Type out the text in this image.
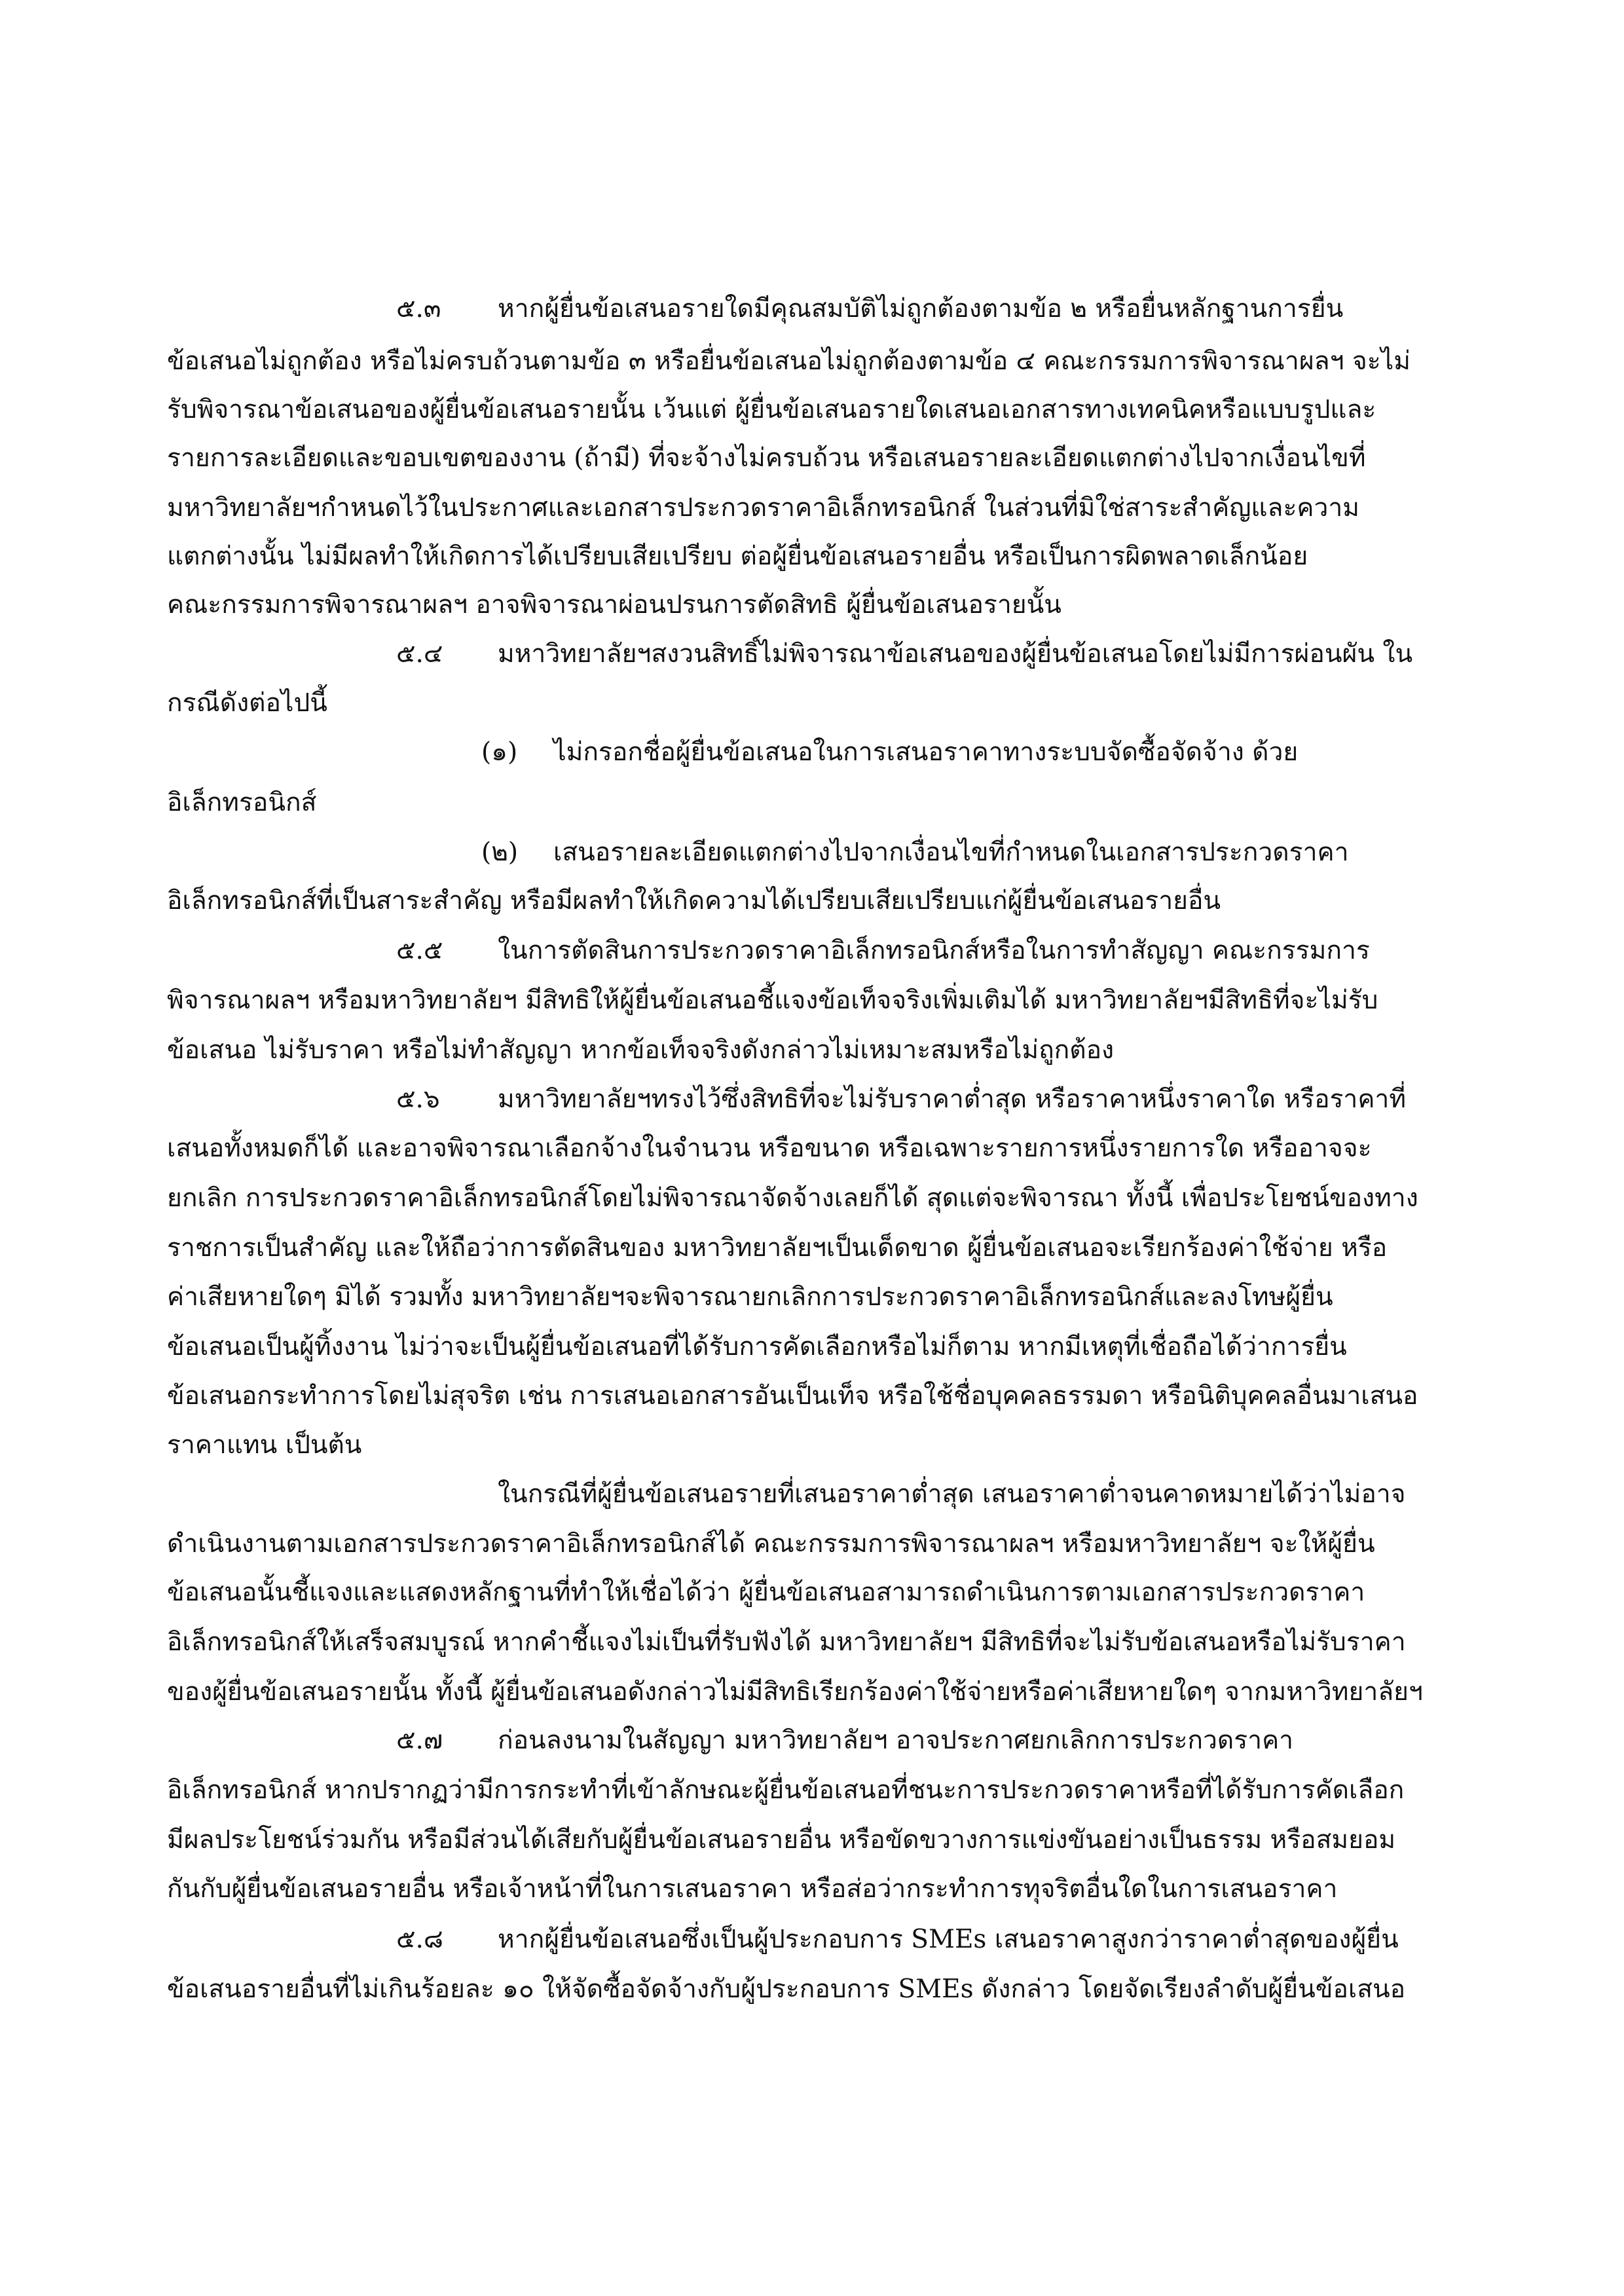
๕.๓ หากผู้ยื่นข้อเสนอรายใดมีคุณสมบัติไม่ถูกต้องตามข้อ ๒ หรือยื่นหลักฐานการยื่น
ข้อเสนอไม่ถูกต้อง หรือไม่ครบถ้วนตามข้อ ๓ หรือยื่นข้อเสนอไม่ถูกต้องตามข้อ ๔ คณะกรรมการพิจารณาผลฯ จะไม่
รับพิจารณาข้อเสนอของผู้ยื่นข้อเสนอรายนั้น เว้นแต่ ผู้ยื่นข้อเสนอรายใดเสนอเอกสารทางเทคนิคหรือแบบรูปและ
รายการละเอียดและขอบเขตของงาน (ถ้ามี) ที่จะจ้างไม่ครบถ้วน หรือเสนอรายละเอียดแตกต่างไปจากเงื่อนไขที่
มหาวิทยาลัยฯกำหนดไว้ในประกาศและเอกสารประกวดราคาอิเล็กทรอนิกส์ ในส่วนที่มิใช่สาระสำคัญและความ
แตกต่างนั้น ไม่มีผลทำให้เกิดการได้เปรียบเสียเปรียบ ต่อผู้ยื่นข้อเสนอรายอื่น หรือเป็นการผิดพลาดเล็กน้อย
คณะกรรมการพิจารณาผลฯ อาจพิจารณาผ่อนปรนการตัดสิทธิ ผู้ยื่นข้อเสนอรายนั้น
๕.๔ มหาวิทยาลัยฯสงวนสิทธิ์ไม่พิจารณาข้อเสนอของผู้ยื่นข้อเสนอโดยไม่มีการผ่อนผัน ใน
กรณีดังต่อไปนี้
(๑) ไม่กรอกชื่อผู้ยื่นข้อเสนอในการเสนอราคาทางระบบจัดซื้อจัดจ้าง ด้วย
อิเล็กทรอนิกส์
(๒) เสนอรายละเอียดแตกต่างไปจากเงื่อนไขที่กำหนดในเอกสารประกวดราคา
อิเล็กทรอนิกส์ที่เป็นสาระสำคัญ หรือมีผลทำให้เกิดความได้เปรียบเสียเปรียบแก่ผู้ยื่นข้อเสนอรายอื่น
๕.๕ ในการตัดสินการประกวดราคาอิเล็กทรอนิกส์หรือในการทำสัญญา คณะกรรมการ
พิจารณาผลฯ หรือมหาวิทยาลัยฯ มีสิทธิให้ผู้ยื่นข้อเสนอชี้แจงข้อเท็จจริงเพิ่มเติมได้ มหาวิทยาลัยฯมีสิทธิที่จะไม่รับ
ข้อเสนอ ไม่รับราคา หรือไม่ทำสัญญา หากข้อเท็จจริงดังกล่าวไม่เหมาะสมหรือไม่ถูกต้อง
๕.๖ มหาวิทยาลัยฯทรงไว้ซึ่งสิทธิที่จะไม่รับราคาต่ำสุด หรือราคาหนึ่งราคาใด หรือราคาที่
เสนอทั้งหมดก็ได้ และอาจพิจารณาเลือกจ้างในจำนวน หรือขนาด หรือเฉพาะรายการหนึ่งรายการใด หรืออาจจะ
ยกเลิก การประกวดราคาอิเล็กทรอนิกส์โดยไม่พิจารณาจัดจ้างเลยก็ได้ สุดแต่จะพิจารณา ทั้งนี้ เพื่อประโยชน์ของทาง
ราชการเป็นสำคัญ และให้ถือว่าการตัดสินของ มหาวิทยาลัยฯเป็นเด็ดขาด ผู้ยื่นข้อเสนอจะเรียกร้องค่าใช้จ่าย หรือ
ค่าเสียหายใดๆ มิได้ รวมทั้ง มหาวิทยาลัยฯจะพิจารณายกเลิกการประกวดราคาอิเล็กทรอนิกส์และลงโทษผู้ยื่น
ข้อเสนอเป็นผู้ทิ้งงาน ไม่ว่าจะเป็นผู้ยื่นข้อเสนอที่ได้รับการคัดเลือกหรือไม่ก็ตาม หากมีเหตุที่เชื่อถือได้ว่าการยื่น
ข้อเสนอกระทำการโดยไม่สุจริต เช่น การเสนอเอกสารอันเป็นเท็จ หรือใช้ชื่อบุคคลธรรมดา หรือนิติบุคคลอื่นมาเสนอ
ราคาแทน เป็นต้น
ในกรณีที่ผู้ยื่นข้อเสนอรายที่เสนอราคาต่ำสุด เสนอราคาต่ำจนคาดหมายได้ว่าไม่อาจ
ดำเนินงานตามเอกสารประกวดราคาอิเล็กทรอนิกส์ได้ คณะกรรมการพิจารณาผลฯ หรือมหาวิทยาลัยฯ จะให้ผู้ยื่น
ข้อเสนอนั้นชี้แจงและแสดงหลักฐานที่ทำให้เชื่อได้ว่า ผู้ยื่นข้อเสนอสามารถดำเนินการตามเอกสารประกวดราคา
อิเล็กทรอนิกส์ให้เสร็จสมบูรณ์ หากคำชี้แจงไม่เป็นที่รับฟังได้ มหาวิทยาลัยฯ มีสิทธิที่จะไม่รับข้อเสนอหรือไม่รับราคา
ของผู้ยื่นข้อเสนอรายนั้น ทั้งนี้ ผู้ยื่นข้อเสนอดังกล่าวไม่มีสิทธิเรียกร้องค่าใช้จ่ายหรือค่าเสียหายใดๆ จากมหาวิทยาลัยฯ
๕.๗ ก่อนลงนามในสัญญา มหาวิทยาลัยฯ อาจประกาศยกเลิกการประกวดราคา
อิเล็กทรอนิกส์ หากปรากฏว่ามีการกระทำที่เข้าลักษณะผู้ยื่นข้อเสนอที่ชนะการประกวดราคาหรือที่ได้รับการคัดเลือก
มีผลประโยชน์ร่วมกัน หรือมีส่วนได้เสียกับผู้ยื่นข้อเสนอรายอื่น หรือขัดขวางการแข่งขันอย่างเป็นธรรม หรือสมยอม
กันกับผู้ยื่นข้อเสนอรายอื่น หรือเจ้าหน้าที่ในการเสนอราคา หรือส่อว่ากระทำการทุจริตอื่นใดในการเสนอราคา
๕.๘ หากผู้ยื่นข้อเสนอซึ่งเป็นผู้ประกอบการ SMEs เสนอราคาสูงกว่าราคาต่ำสุดของผู้ยื่น
ข้อเสนอรายอื่นที่ไม่เกินร้อยละ ๑๐ ให้จัดซื้อจัดจ้างกับผู้ประกอบการ SMEs ดังกล่าว โดยจัดเรียงลำดับผู้ยื่นข้อเสนอ
